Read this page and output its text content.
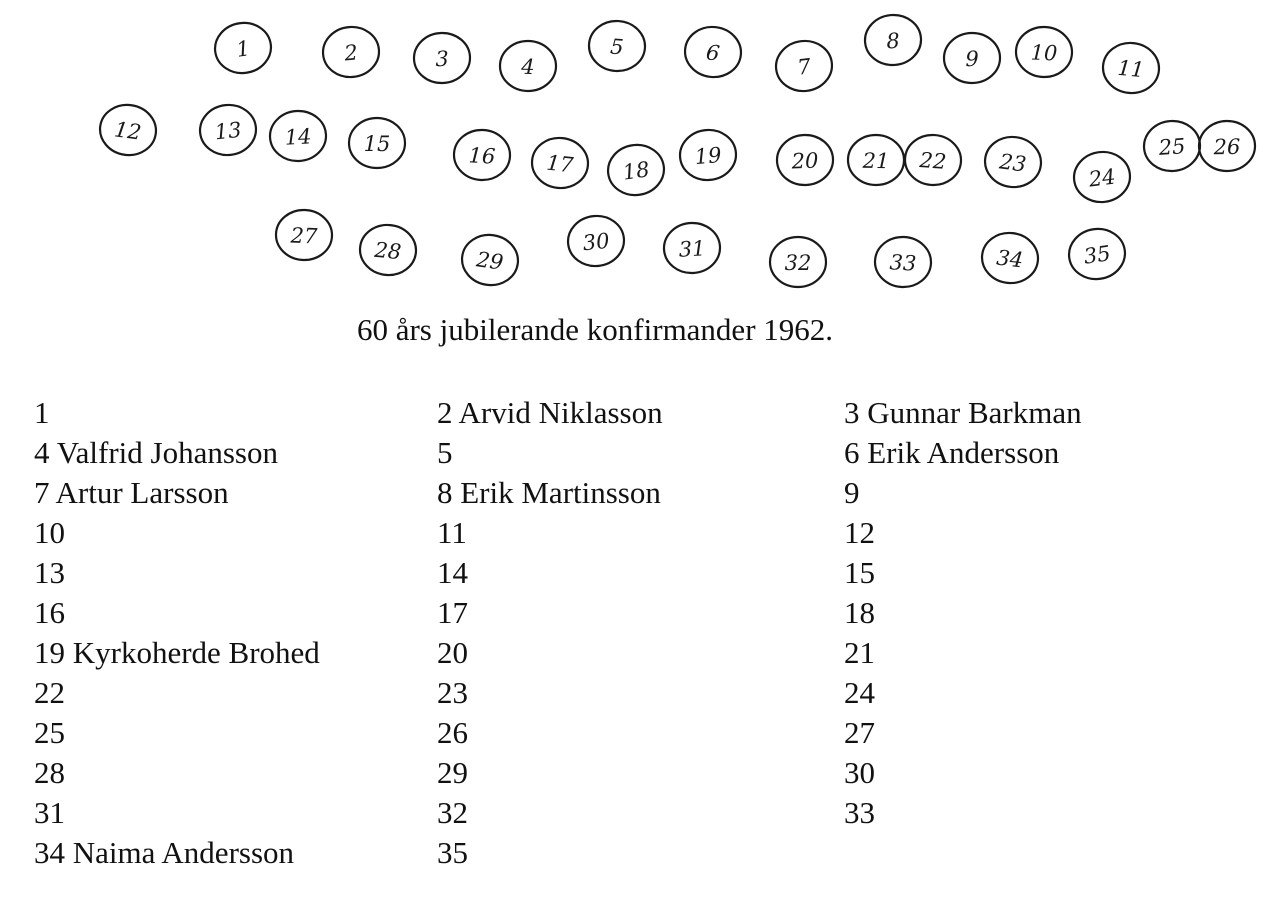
1	2	3	4
5	6
7
8
9 10
11
12	13 14 15	16 17 18
19	20 21 22 23
24
25 26
27
28	29
30	31
32	33	34	35
60 års jubilerande konfirmander 1962.
1	2 Arvid Niklasson	3 Gunnar Barkman
4 Valfrid Johansson	5	6 Erik Andersson
7 Artur Larsson	8 Erik Martinsson	9
10	11	12
13	14	15
16	17	18
19 Kyrkoherde Brohed	20	21
22	23	24
25	26	27
28	29	30
31	32	33
34 Naima Andersson	35
